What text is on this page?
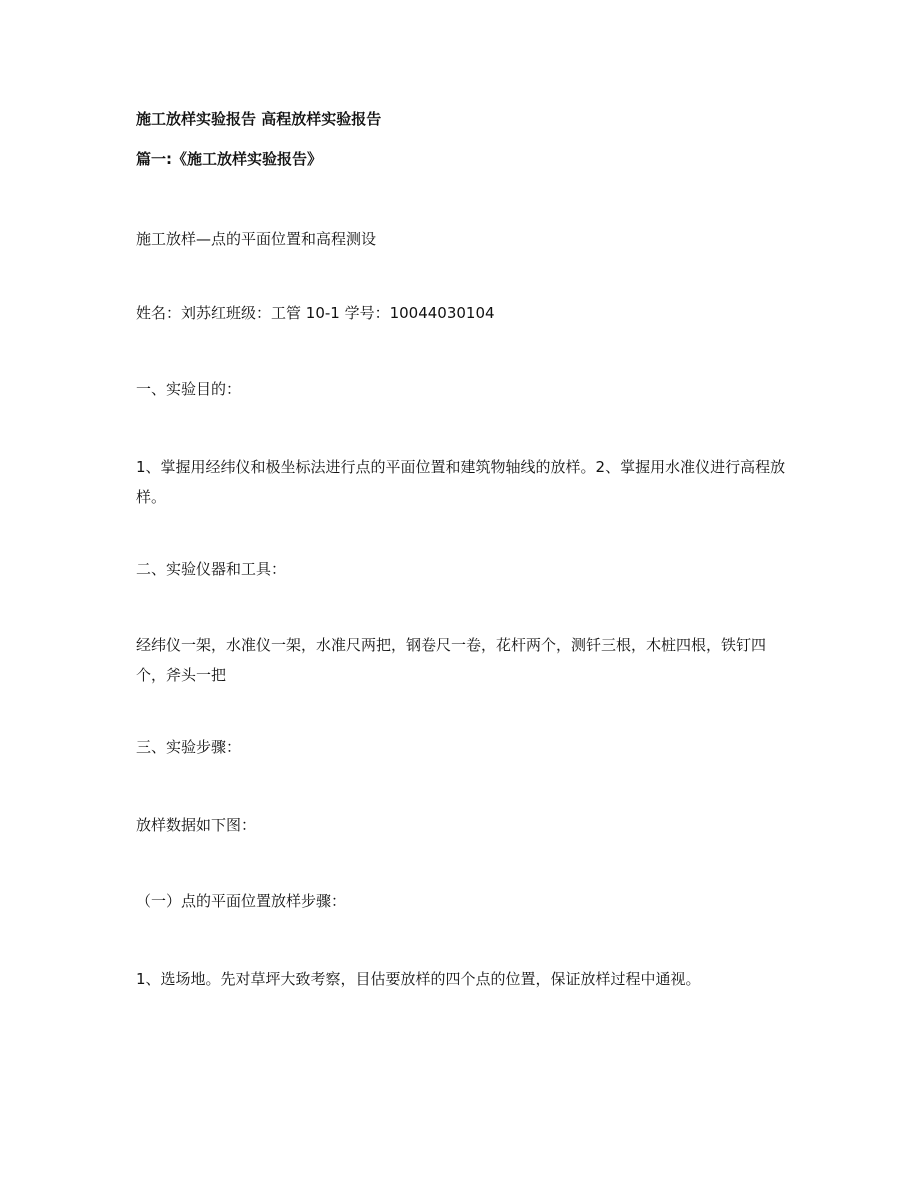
施工放样实验报告 高程放样实验报告
篇一:《施工放样实验报告》
施工放样—点的平面位置和高程测设
姓名：刘苏红班级：工管 10-1 学号：10044030104
一、实验目的：
1、掌握用经纬仪和极坐标法进行点的平面位置和建筑物轴线的放样。2、掌握用水准仪进行高程放样。
二、实验仪器和工具：
经纬仪一架，水准仪一架，水准尺两把，钢卷尺一卷，花杆两个，测钎三根，木桩四根，铁钉四个，斧头一把
三、实验步骤：
放样数据如下图：
（一）点的平面位置放样步骤：
1、选场地。先对草坪大致考察，目估要放样的四个点的位置，保证放样过程中通视。
